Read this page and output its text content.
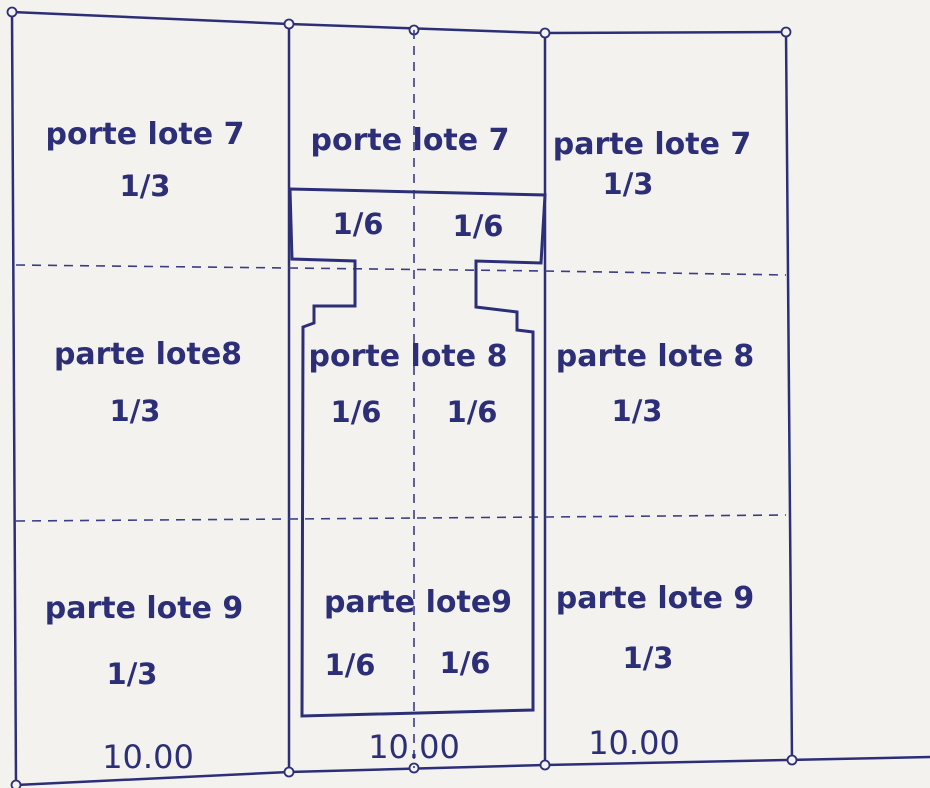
porte lote 7
1/3
parte lote8
1/3
parte lote 9
1/3
10.00
porte lote 7
1/6 1/6
porte lote 8
1/6 1/6
parte lote9
1/6 1/6
10.00
parte lote 7
1/3
parte lote 8
1/3
parte lote 9
1/3
10.00
